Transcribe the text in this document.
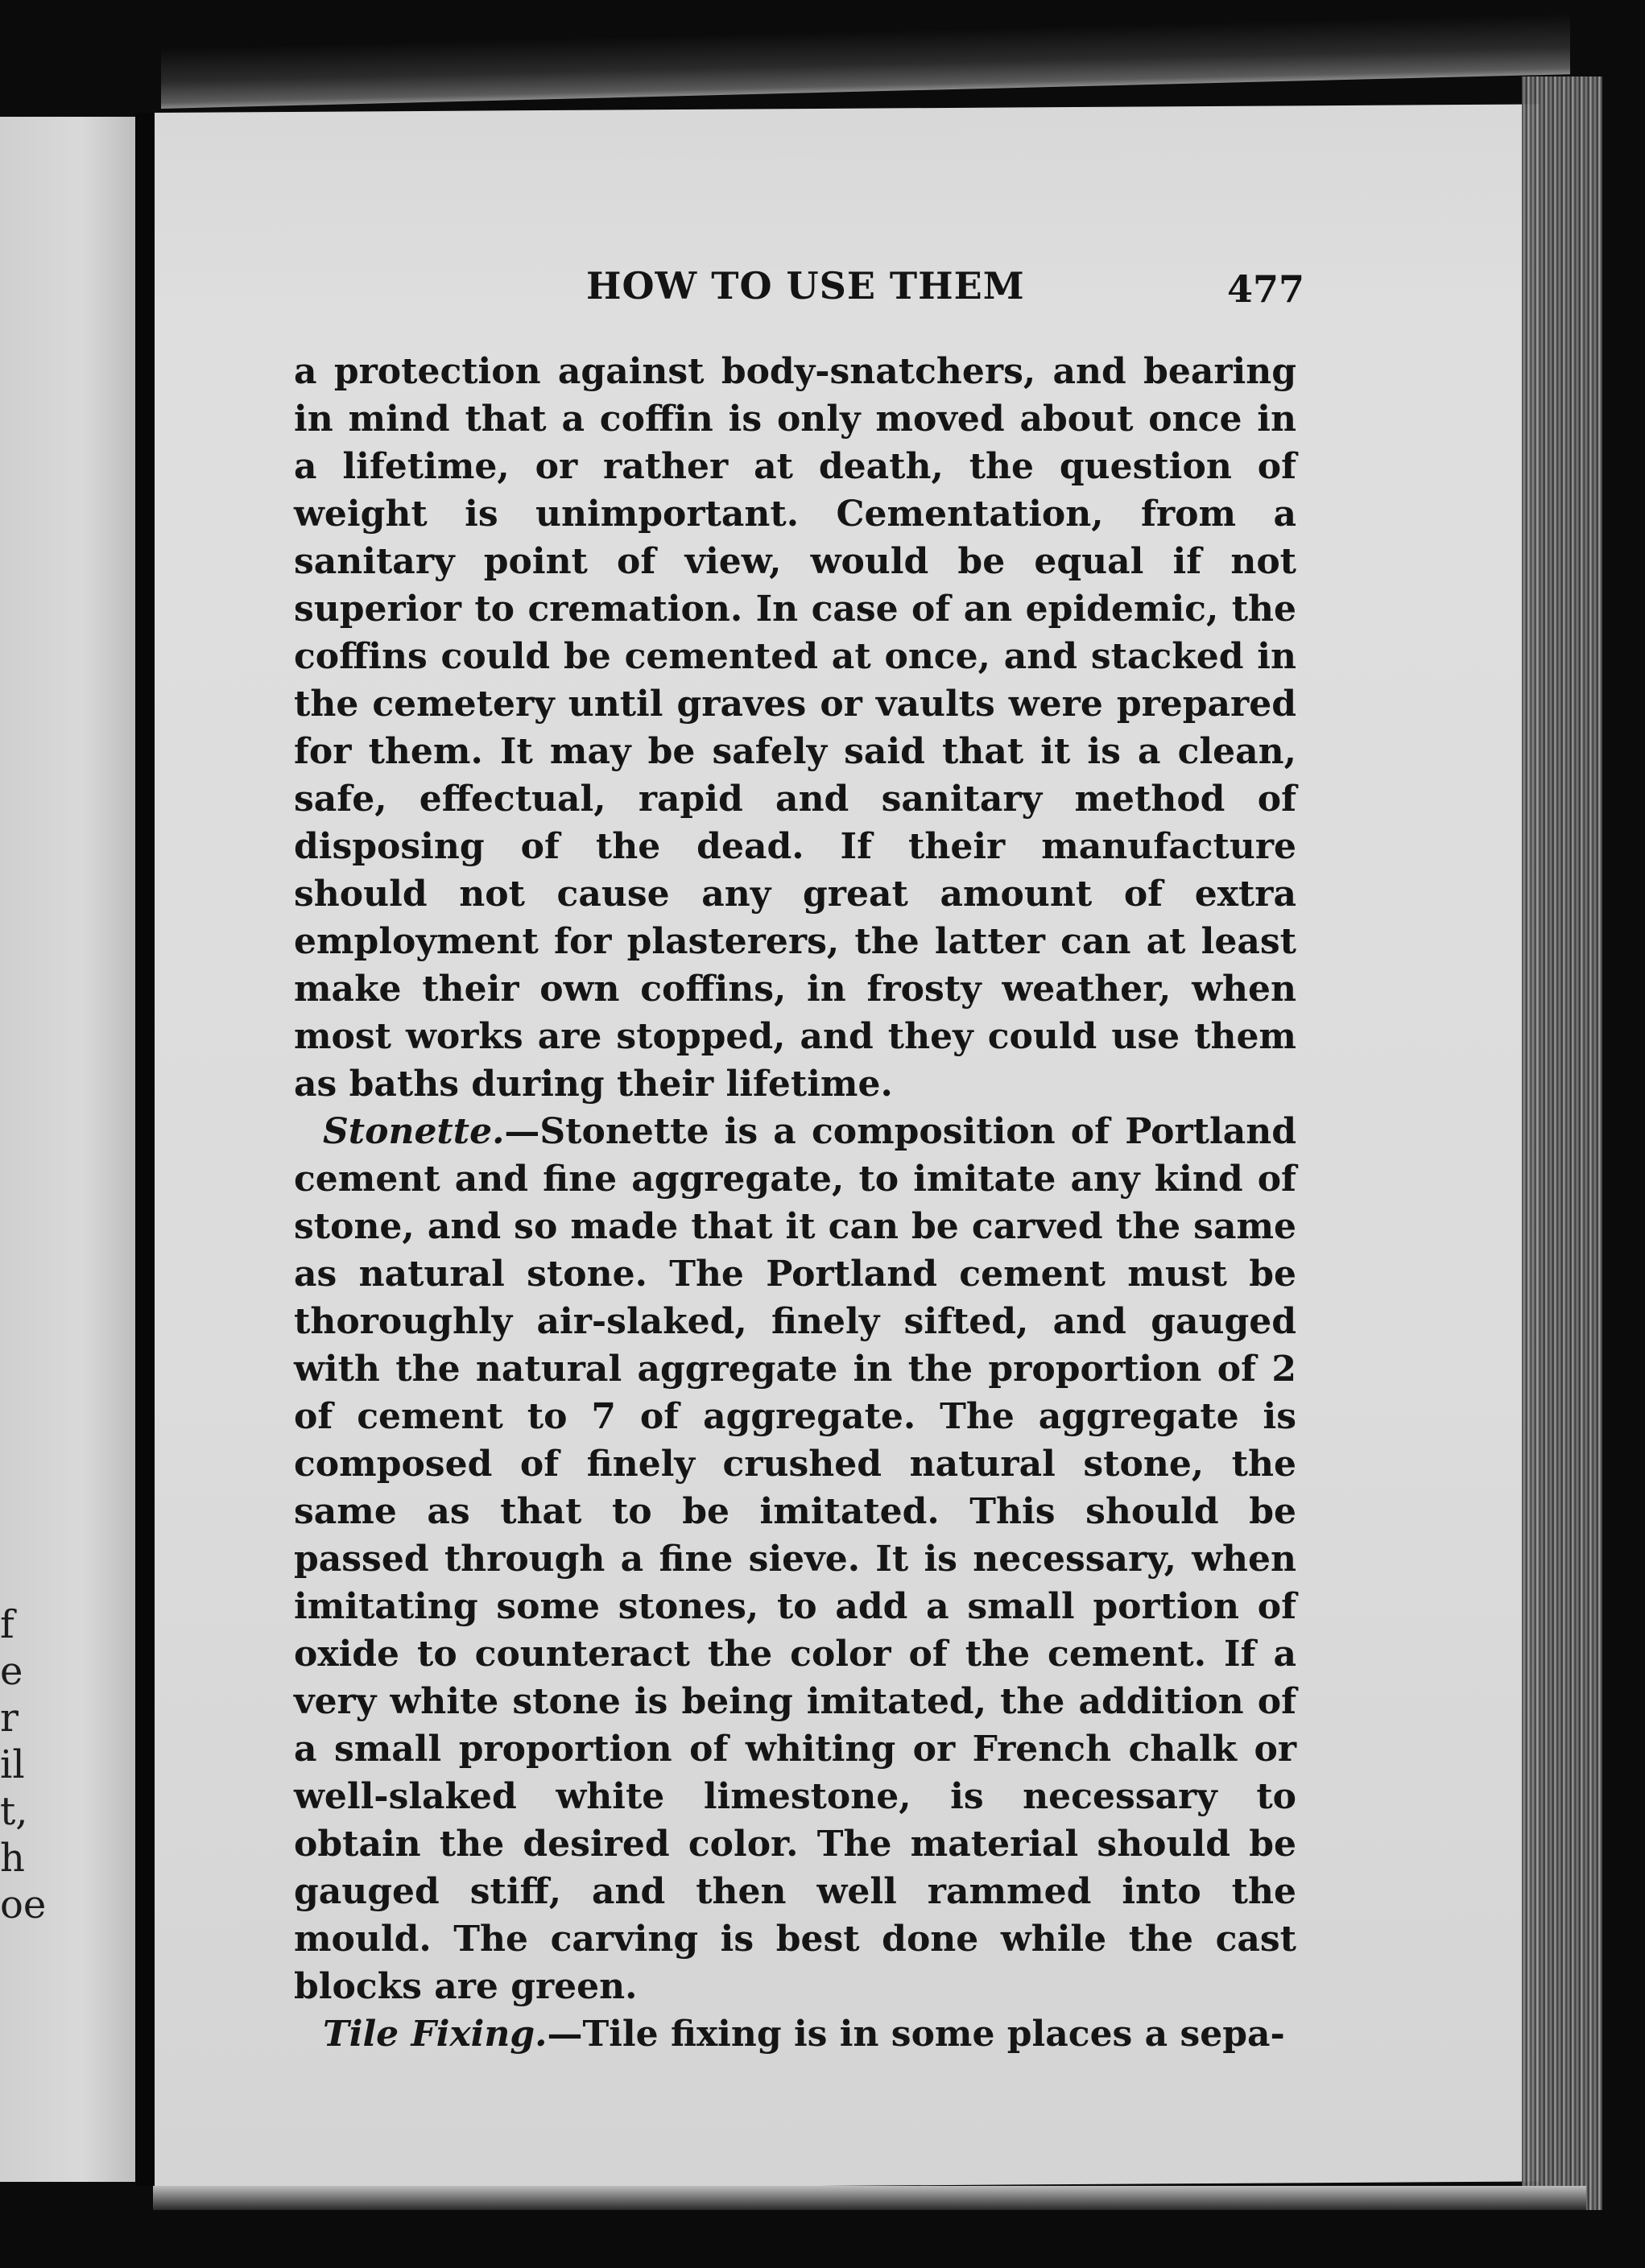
f
e
r
il
t,
h
oe
HOW TO USE THEM	477

a protection against body-snatchers, and bearing in mind that a coffin is only moved about once in a lifetime, or rather at death, the question of weight is unimportant. Cementation, from a sanitary point of view, would be equal if not superior to cremation. In case of an epidemic, the coffins could be cemented at once, and stacked in the cemetery until graves or vaults were prepared for them. It may be safely said that it is a clean, safe, effectual, rapid and sanitary method of disposing of the dead. If their manufacture should not cause any great amount of extra employment for plasterers, the latter can at least make their own coffins, in frosty weather, when most works are stopped, and they could use them as baths during their lifetime.

Stonette.—Stonette is a composition of Portland cement and fine aggregate, to imitate any kind of stone, and so made that it can be carved the same as natural stone. The Portland cement must be thoroughly air-slaked, finely sifted, and gauged with the natural aggregate in the proportion of 2 of cement to 7 of aggregate. The aggregate is composed of finely crushed natural stone, the same as that to be imitated. This should be passed through a fine sieve. It is necessary, when imitating some stones, to add a small portion of oxide to counteract the color of the cement. If a very white stone is being imitated, the addition of a small proportion of whiting or French chalk or well-slaked white limestone, is necessary to obtain the desired color. The material should be gauged stiff, and then well rammed into the mould. The carving is best done while the cast blocks are green.

Tile Fixing.—Tile fixing is in some places a sepa-
